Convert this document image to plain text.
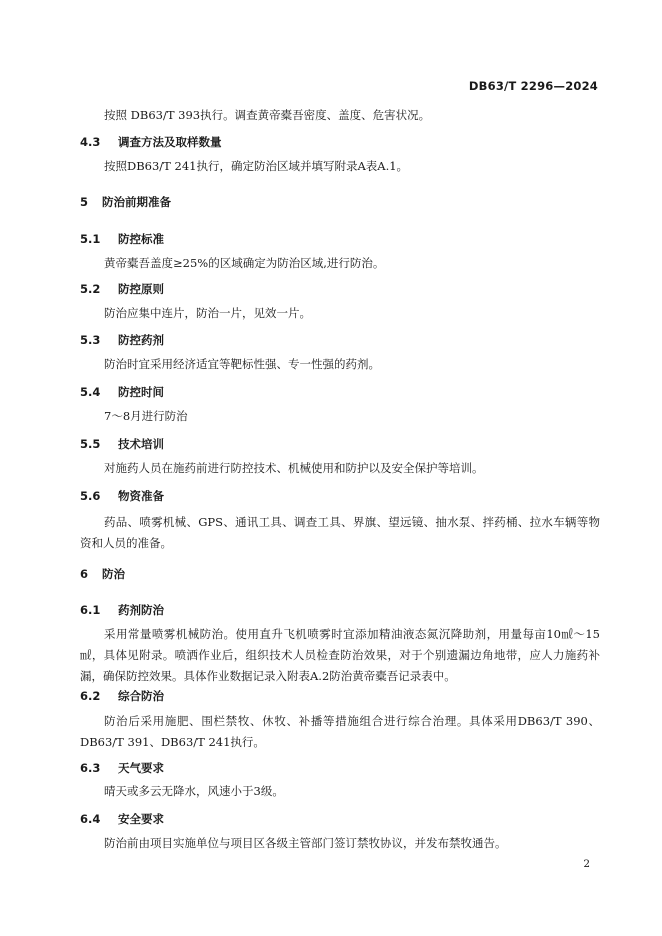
DB63/T 2296—2024

按照 DB63/T 393执行。调查黄帝橐吾密度、盖度、危害状况。

4.3 调查方法及取样数量

按照DB63/T 241执行，确定防治区域并填写附录A表A.1。

5 防治前期准备
5.1 防控标准

黄帝橐吾盖度≥25%的区域确定为防治区域,进行防治。

5.2 防控原则

防治应集中连片，防治一片，见效一片。

5.3 防控药剂

防治时宜采用经济适宜等靶标性强、专一性强的药剂。

5.4 防控时间

7～8月进行防治

5.5 技术培训

对施药人员在施药前进行防控技术、机械使用和防护以及安全保护等培训。

5.6 物资准备

药品、喷雾机械、GPS、通讯工具、调查工具、界旗、望远镜、抽水泵、拌药桶、拉水车辆等物资和人员的准备。

6 防治
6.1 药剂防治

采用常量喷雾机械防治。使用直升飞机喷雾时宜添加精油液态氮沉降助剂，用量每亩10㎖～15㎖，具体见附录。喷洒作业后，组织技术人员检查防治效果，对于个别遗漏边角地带，应人力施药补漏，确保防控效果。具体作业数据记录入附表A.2防治黄帝橐吾记录表中。

6.2 综合防治

防治后采用施肥、围栏禁牧、休牧、补播等措施组合进行综合治理。具体采用DB63/T 390、DB63/T 391、DB63/T 241执行。

6.3 天气要求

晴天或多云无降水，风速小于3级。

6.4 安全要求

防治前由项目实施单位与项目区各级主管部门签订禁牧协议，并发布禁牧通告。

2
